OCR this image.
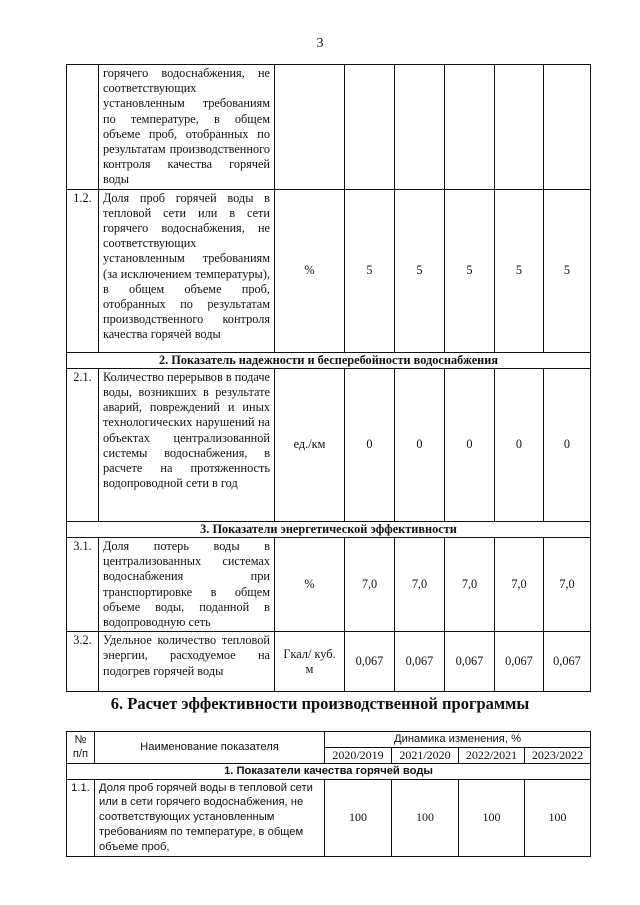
3
	горячего водоснабжения, не соответствующих установленным требованиям по температуре, в общем объеме проб, отобранных по результатам производственного контроля качества горячей воды						
1.2.	Доля проб горячей воды в тепловой сети или в сети горячего водоснабжения, не соответствующих установленным требованиям (за исключением температуры), в общем объеме проб, отобранных по результатам производственного контроля качества горячей воды	%	5	5	5	5	5
2. Показатель надежности и бесперебойности водоснабжения							
2.1.	Количество перерывов в подаче воды, возникших в результате аварий, повреждений и иных технологических нарушений на объектах централизованной системы водоснабжения, в расчете на протяженность водопроводной сети в год	ед./км	0	0	0	0	0
3. Показатели энергетической эффективности							
3.1.	Доля потерь воды в централизованных системах водоснабжения при транспортировке в общем объеме воды, поданной в водопроводную сеть	%	7,0	7,0	7,0	7,0	7,0
3.2.	Удельное количество тепловой энергии, расходуемое на подогрев горячей воды	Гкал/ куб. м	0,067	0,067	0,067	0,067	0,067
6. Расчет эффективности производственной программы
№ п/п	Наименование показателя	Динамика изменения, %			
		2020/2019	2021/2020	2022/2021	2023/2022
1. Показатели качества горячей воды					
1.1.	Доля проб горячей воды в тепловой сети или в сети горячего водоснабжения, не соответствующих установленным требованиям по температуре, в общем объеме проб,	100	100	100	100
